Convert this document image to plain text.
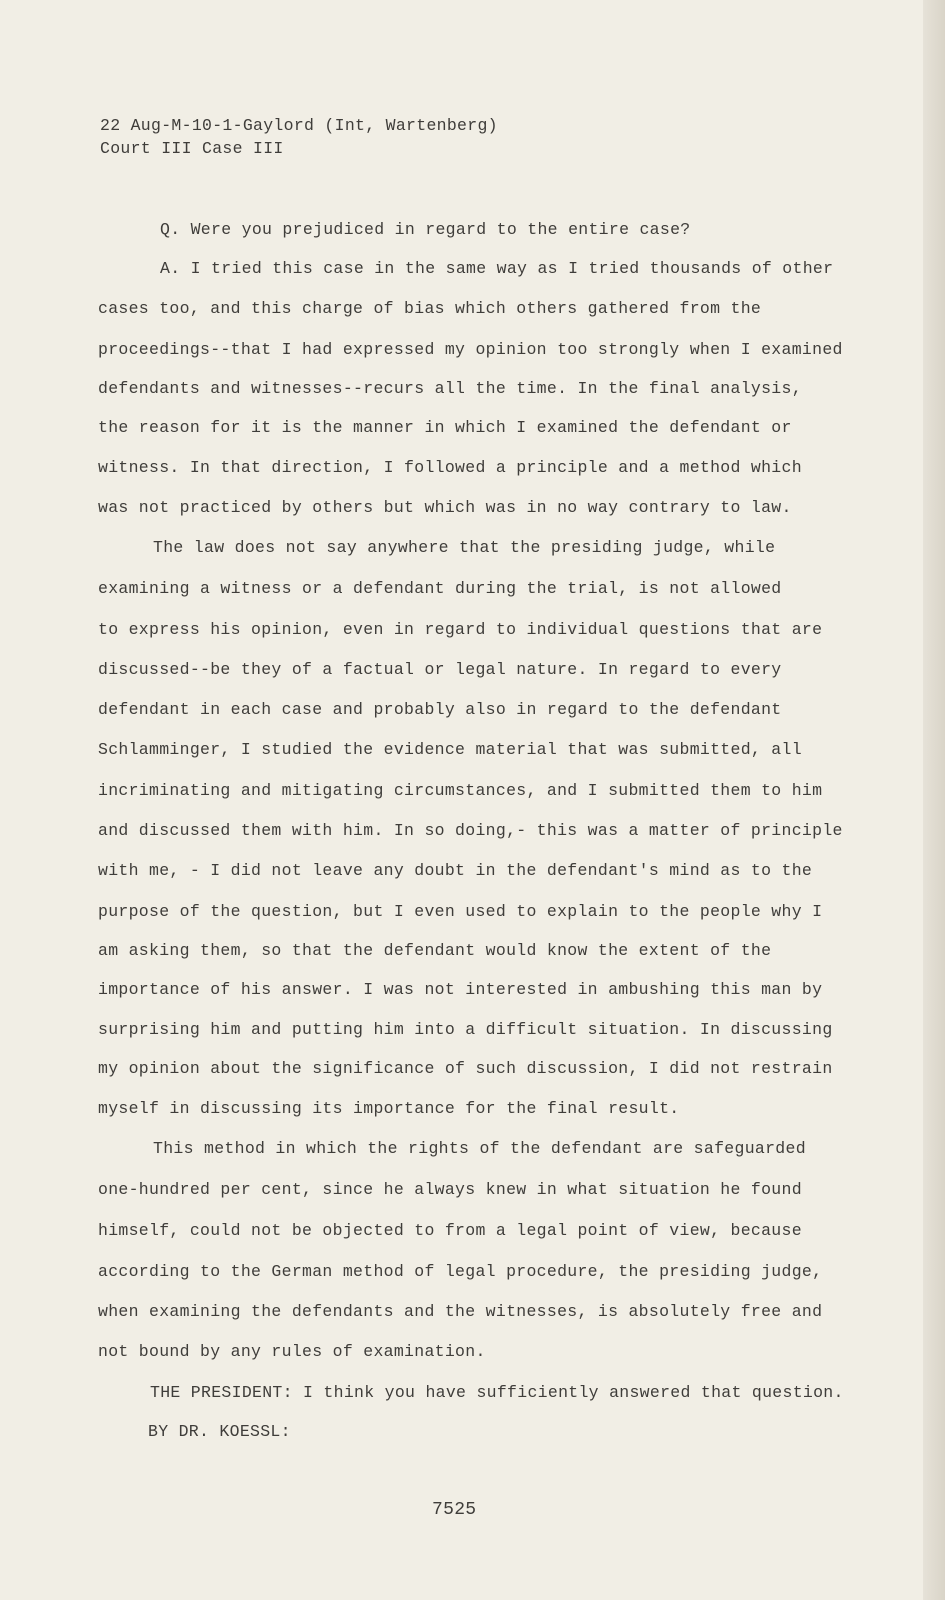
22 Aug-M-10-1-Gaylord (Int, Wartenberg)
Court III Case III
Q. Were you prejudiced in regard to the entire case?
A. I tried this case in the same way as I tried thousands of other
cases too, and this charge of bias which others gathered from the
proceedings--that I had expressed my opinion too strongly when I examined
defendants and witnesses--recurs all the time. In the final analysis,
the reason for it is the manner in which I examined the defendant or
witness. In that direction, I followed a principle and a method which
was not practiced by others but which was in no way contrary to law.
The law does not say anywhere that the presiding judge, while
examining a witness or a defendant during the trial, is not allowed
to express his opinion, even in regard to individual questions that are
discussed--be they of a factual or legal nature. In regard to every
defendant in each case and probably also in regard to the defendant
Schlamminger, I studied the evidence material that was submitted, all
incriminating and mitigating circumstances, and I submitted them to him
and discussed them with him. In so doing,- this was a matter of principle
with me, - I did not leave any doubt in the defendant's mind as to the
purpose of the question, but I even used to explain to the people why I
am asking them, so that the defendant would know the extent of the
importance of his answer. I was not interested in ambushing this man by
surprising him and putting him into a difficult situation. In discussing
my opinion about the significance of such discussion, I did not restrain
myself in discussing its importance for the final result.
This method in which the rights of the defendant are safeguarded
one-hundred per cent, since he always knew in what situation he found
himself, could not be objected to from a legal point of view, because
according to the German method of legal procedure, the presiding judge,
when examining the defendants and the witnesses, is absolutely free and
not bound by any rules of examination.
THE PRESIDENT: I think you have sufficiently answered that question.
BY DR. KOESSL:
7525
